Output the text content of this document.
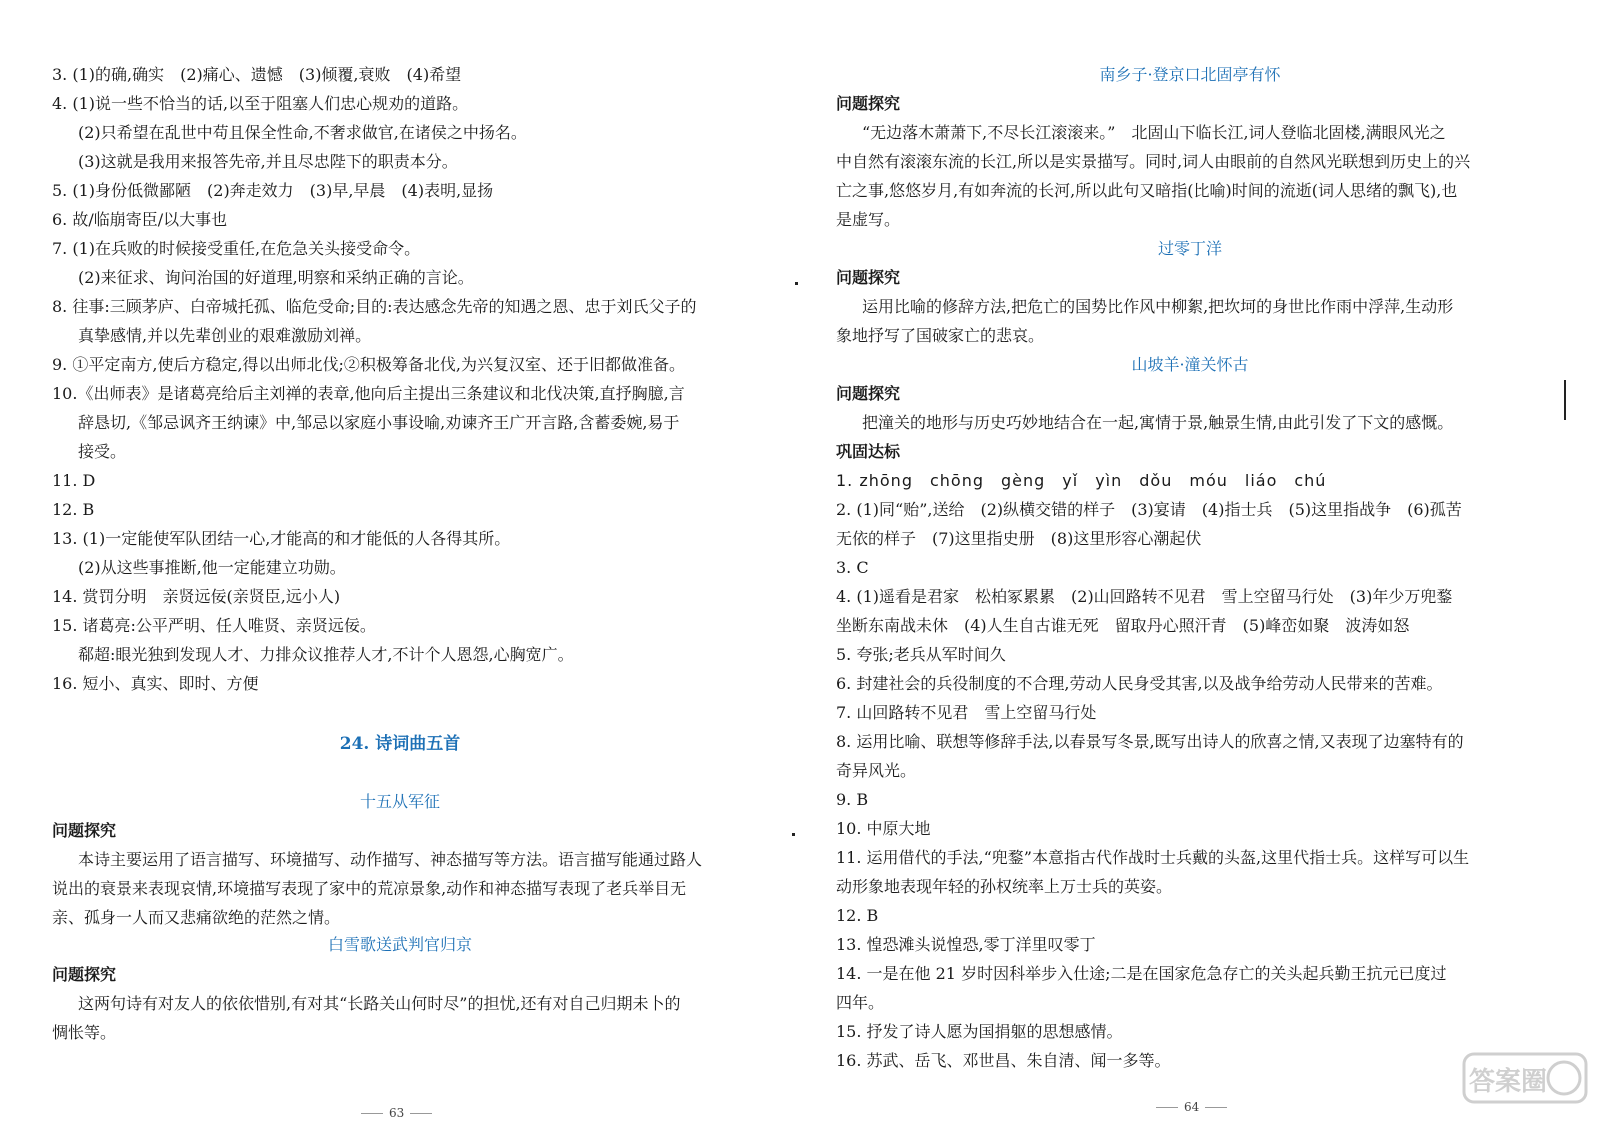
3. (1)的确,确实　(2)痛心、遗憾　(3)倾覆,衰败　(4)希望
4. (1)说一些不恰当的话,以至于阻塞人们忠心规劝的道路。
(2)只希望在乱世中苟且保全性命,不奢求做官,在诸侯之中扬名。
(3)这就是我用来报答先帝,并且尽忠陛下的职责本分。
5. (1)身份低微鄙陋　(2)奔走效力　(3)早,早晨　(4)表明,显扬
6. 故/临崩寄臣/以大事也
7. (1)在兵败的时候接受重任,在危急关头接受命令。
(2)来征求、询问治国的好道理,明察和采纳正确的言论。
8. 往事:三顾茅庐、白帝城托孤、临危受命;目的:表达感念先帝的知遇之恩、忠于刘氏父子的
真挚感情,并以先辈创业的艰难激励刘禅。
9. ①平定南方,使后方稳定,得以出师北伐;②积极筹备北伐,为兴复汉室、还于旧都做准备。
10.《出师表》是诸葛亮给后主刘禅的表章,他向后主提出三条建议和北伐决策,直抒胸臆,言
辞恳切,《邹忌讽齐王纳谏》中,邹忌以家庭小事设喻,劝谏齐王广开言路,含蓄委婉,易于
接受。
11. D
12. B
13. (1)一定能使军队团结一心,才能高的和才能低的人各得其所。
(2)从这些事推断,他一定能建立功勋。
14. 赏罚分明　亲贤远佞(亲贤臣,远小人)
15. 诸葛亮:公平严明、任人唯贤、亲贤远佞。
郗超:眼光独到发现人才、力排众议推荐人才,不计个人恩怨,心胸宽广。
16. 短小、真实、即时、方便
24. 诗词曲五首
十五从军征
问题探究
本诗主要运用了语言描写、环境描写、动作描写、神态描写等方法。语言描写能通过路人
说出的衰景来表现哀情,环境描写表现了家中的荒凉景象,动作和神态描写表现了老兵举目无
亲、孤身一人而又悲痛欲绝的茫然之情。
白雪歌送武判官归京
问题探究
这两句诗有对友人的依依惜别,有对其“长路关山何时尽”的担忧,还有对自己归期未卜的
惆怅等。
63
南乡子·登京口北固亭有怀
问题探究
“无边落木萧萧下,不尽长江滚滚来。”　北固山下临长江,词人登临北固楼,满眼风光之
中自然有滚滚东流的长江,所以是实景描写。同时,词人由眼前的自然风光联想到历史上的兴
亡之事,悠悠岁月,有如奔流的长河,所以此句又暗指(比喻)时间的流逝(词人思绪的飘飞),也
是虚写。
过零丁洋
问题探究
运用比喻的修辞方法,把危亡的国势比作风中柳絮,把坎坷的身世比作雨中浮萍,生动形
象地抒写了国破家亡的悲哀。
山坡羊·潼关怀古
问题探究
把潼关的地形与历史巧妙地结合在一起,寓情于景,触景生情,由此引发了下文的感慨。
巩固达标
1. zhōng　chōng　gèng　yǐ　yìn　dǒu　móu　liáo　chú
2. (1)同“贻”,送给　(2)纵横交错的样子　(3)宴请　(4)指士兵　(5)这里指战争　(6)孤苦
无依的样子　(7)这里指史册　(8)这里形容心潮起伏
3. C
4. (1)遥看是君家　松柏冢累累　(2)山回路转不见君　雪上空留马行处　(3)年少万兜鍪
坐断东南战未休　(4)人生自古谁无死　留取丹心照汗青　(5)峰峦如聚　波涛如怒
5. 夸张;老兵从军时间久
6. 封建社会的兵役制度的不合理,劳动人民身受其害,以及战争给劳动人民带来的苦难。
7. 山回路转不见君　雪上空留马行处
8. 运用比喻、联想等修辞手法,以春景写冬景,既写出诗人的欣喜之情,又表现了边塞特有的
奇异风光。
9. B
10. 中原大地
11. 运用借代的手法,“兜鍪”本意指古代作战时士兵戴的头盔,这里代指士兵。这样写可以生
动形象地表现年轻的孙权统率上万士兵的英姿。
12. B
13. 惶恐滩头说惶恐,零丁洋里叹零丁
14. 一是在他 21 岁时因科举步入仕途;二是在国家危急存亡的关头起兵勤王抗元已度过
四年。
15. 抒发了诗人愿为国捐躯的思想感情。
16. 苏武、岳飞、邓世昌、朱自清、闻一多等。
64
答案圈
